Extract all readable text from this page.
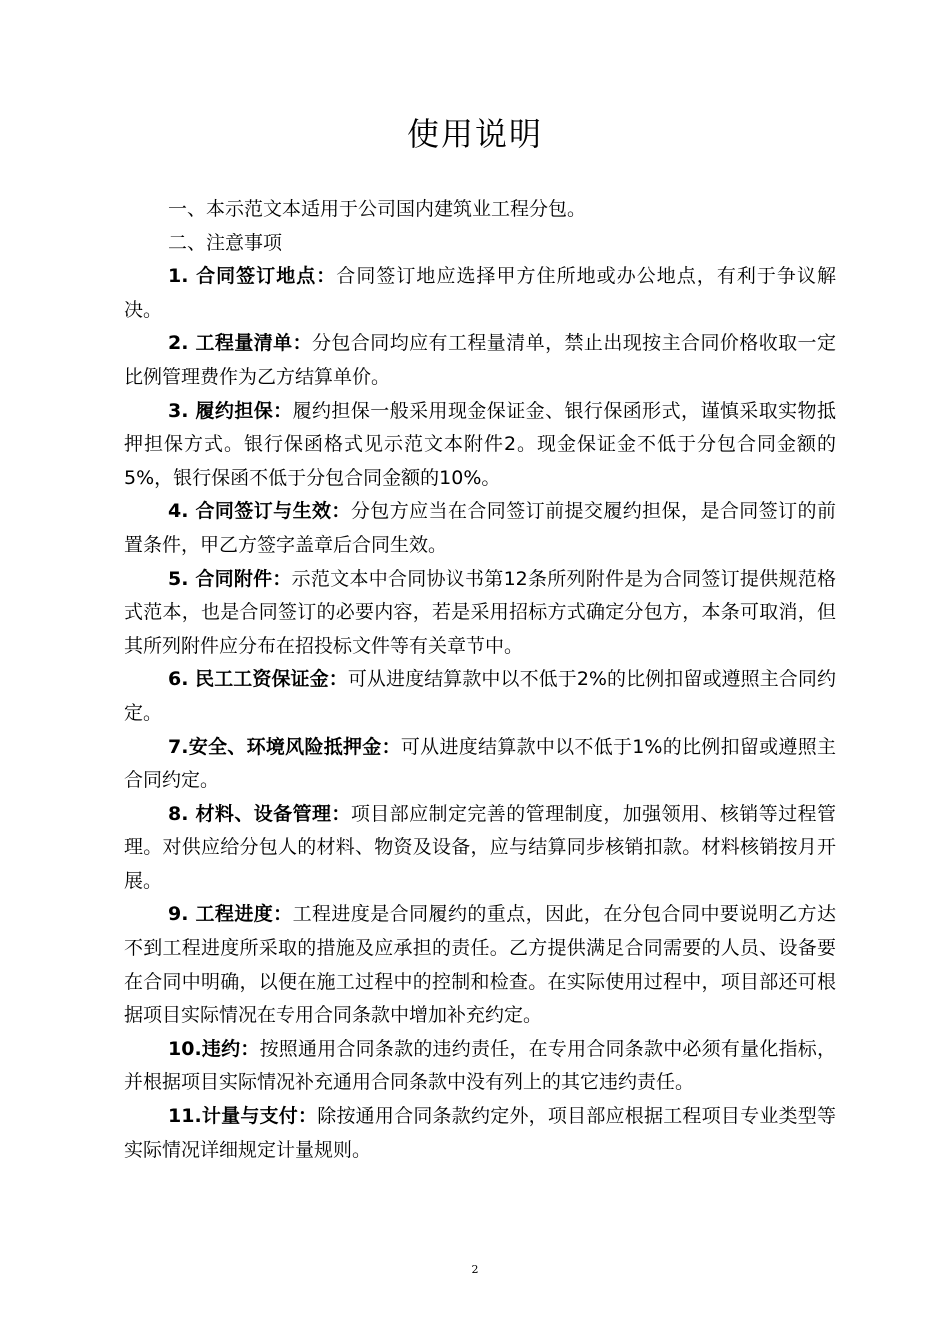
使用说明

一、本示范文本适用于公司国内建筑业工程分包。

二、注意事项

1. 合同签订地点：合同签订地应选择甲方住所地或办公地点，有利于争议解决。

2. 工程量清单：分包合同均应有工程量清单，禁止出现按主合同价格收取一定比例管理费作为乙方结算单价。

3. 履约担保：履约担保一般采用现金保证金、银行保函形式，谨慎采取实物抵押担保方式。银行保函格式见示范文本附件2。现金保证金不低于分包合同金额的5%，银行保函不低于分包合同金额的10%。

4. 合同签订与生效：分包方应当在合同签订前提交履约担保，是合同签订的前置条件，甲乙方签字盖章后合同生效。

5. 合同附件：示范文本中合同协议书第12条所列附件是为合同签订提供规范格式范本，也是合同签订的必要内容，若是采用招标方式确定分包方，本条可取消，但其所列附件应分布在招投标文件等有关章节中。

6. 民工工资保证金：可从进度结算款中以不低于2%的比例扣留或遵照主合同约定。

7.安全、环境风险抵押金：可从进度结算款中以不低于1%的比例扣留或遵照主合同约定。

8. 材料、设备管理：项目部应制定完善的管理制度，加强领用、核销等过程管理。对供应给分包人的材料、物资及设备，应与结算同步核销扣款。材料核销按月开展。

9. 工程进度：工程进度是合同履约的重点，因此，在分包合同中要说明乙方达不到工程进度所采取的措施及应承担的责任。乙方提供满足合同需要的人员、设备要在合同中明确，以便在施工过程中的控制和检查。在实际使用过程中，项目部还可根据项目实际情况在专用合同条款中增加补充约定。

10.违约：按照通用合同条款的违约责任，在专用合同条款中必须有量化指标，并根据项目实际情况补充通用合同条款中没有列上的其它违约责任。

11.计量与支付：除按通用合同条款约定外，项目部应根据工程项目专业类型等实际情况详细规定计量规则。

2
